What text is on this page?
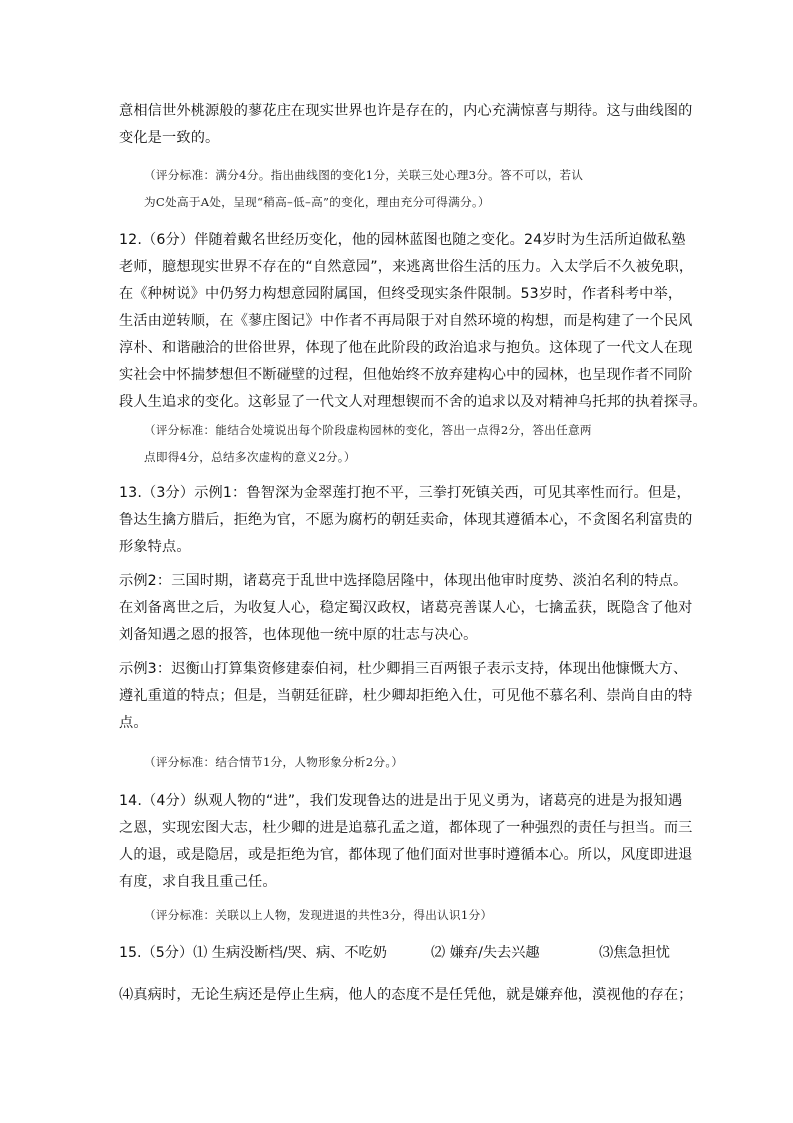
意相信世外桃源般的蓼花庄在现实世界也许是存在的，内心充满惊喜与期待。这与曲线图的
变化是一致的。

（评分标准：满分4分。指出曲线图的变化1分，关联三处心理3分。答不可以，若认
为C处高于A处，呈现“稍高–低–高”的变化，理由充分可得满分。）

12.（6分）伴随着戴名世经历变化，他的园林蓝图也随之变化。24岁时为生活所迫做私塾
老师，臆想现实世界不存在的“自然意园”，来逃离世俗生活的压力。入太学后不久被免职，
在《种树说》中仍努力构想意园附属国，但终受现实条件限制。53岁时，作者科考中举，
生活由逆转顺，在《蓼庄图记》中作者不再局限于对自然环境的构想，而是构建了一个民风
淳朴、和谐融洽的世俗世界，体现了他在此阶段的政治追求与抱负。这体现了一代文人在现
实社会中怀揣梦想但不断碰壁的过程，但他始终不放弃建构心中的园林，也呈现作者不同阶
段人生追求的变化。这彰显了一代文人对理想锲而不舍的追求以及对精神乌托邦的执着探寻。

（评分标准：能结合处境说出每个阶段虚构园林的变化，答出一点得2分，答出任意两
点即得4分，总结多次虚构的意义2分。）

13.（3分）示例1：鲁智深为金翠莲打抱不平，三拳打死镇关西，可见其率性而行。但是，
鲁达生擒方腊后，拒绝为官，不愿为腐朽的朝廷卖命，体现其遵循本心，不贪图名利富贵的
形象特点。

示例2：三国时期，诸葛亮于乱世中选择隐居隆中，体现出他审时度势、淡泊名利的特点。
在刘备离世之后，为收复人心，稳定蜀汉政权，诸葛亮善谋人心，七擒孟获，既隐含了他对
刘备知遇之恩的报答，也体现他一统中原的壮志与决心。

示例3：迟衡山打算集资修建泰伯祠，杜少卿捐三百两银子表示支持，体现出他慷慨大方、
遵礼重道的特点；但是，当朝廷征辟，杜少卿却拒绝入仕，可见他不慕名利、崇尚自由的特
点。

（评分标准：结合情节1分，人物形象分析2分。）

14.（4分）纵观人物的“进”，我们发现鲁达的进是出于见义勇为，诸葛亮的进是为报知遇
之恩，实现宏图大志，杜少卿的进是追慕孔孟之道，都体现了一种强烈的责任与担当。而三
人的退，或是隐居，或是拒绝为官，都体现了他们面对世事时遵循本心。所以，风度即进退
有度，求自我且重己任。

（评分标准：关联以上人物，发现进退的共性3分，得出认识1分）

15.（5分）⑴ 生病没断档/哭、病、不吃奶	⑵ 嫌弃/失去兴趣	⑶焦急担忧

⑷真病时，无论生病还是停止生病，他人的态度不是任凭他，就是嫌弃他，漠视他的存在；
